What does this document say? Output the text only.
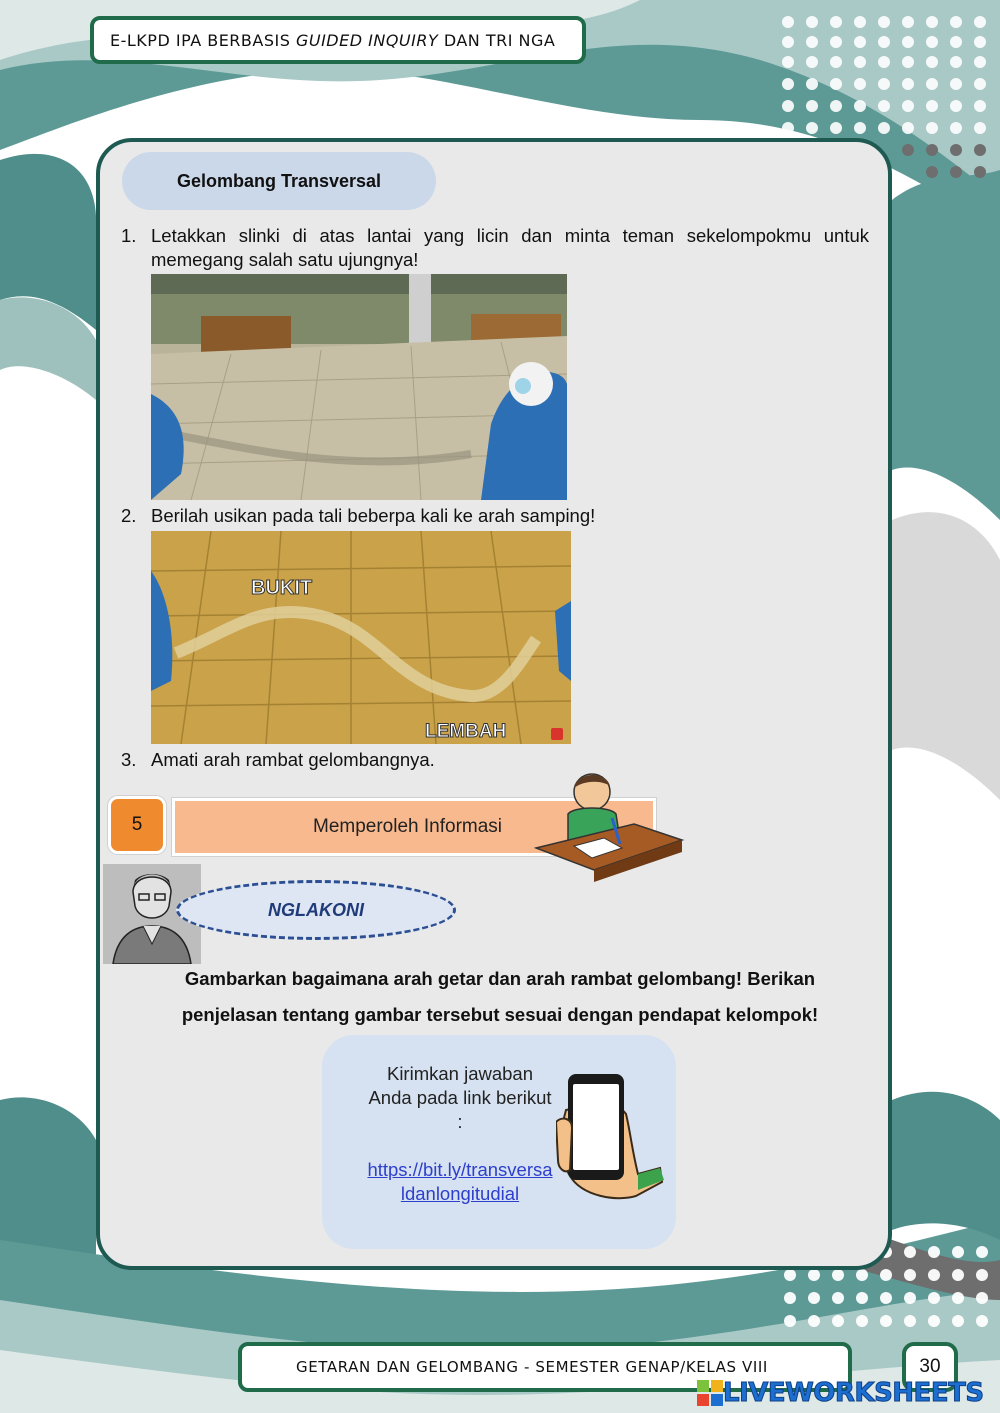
E-LKPD IPA BERBASIS GUIDED INQUIRY DAN TRI NGA
Gelombang Transversal
1. Letakkan slinki di atas lantai yang licin dan minta teman sekelompokmu untuk memegang salah satu ujungnya!
2. Berilah usikan pada tali beberpa kali ke arah samping!
BUKIT
LEMBAH
3. Amati arah rambat gelombangnya.
Memperoleh Informasi
5
NGLAKONI
Gambarkan bagaimana arah getar dan arah rambat gelombang! Berikan
penjelasan tentang gambar tersebut sesuai dengan pendapat kelompok!
Kirimkan jawaban Anda pada link berikut :
https://bit.ly/transversaldanlongitudial
GETARAN DAN GELOMBANG - SEMESTER GENAP/KELAS VIII	30
LIVEWORKSHEETS
